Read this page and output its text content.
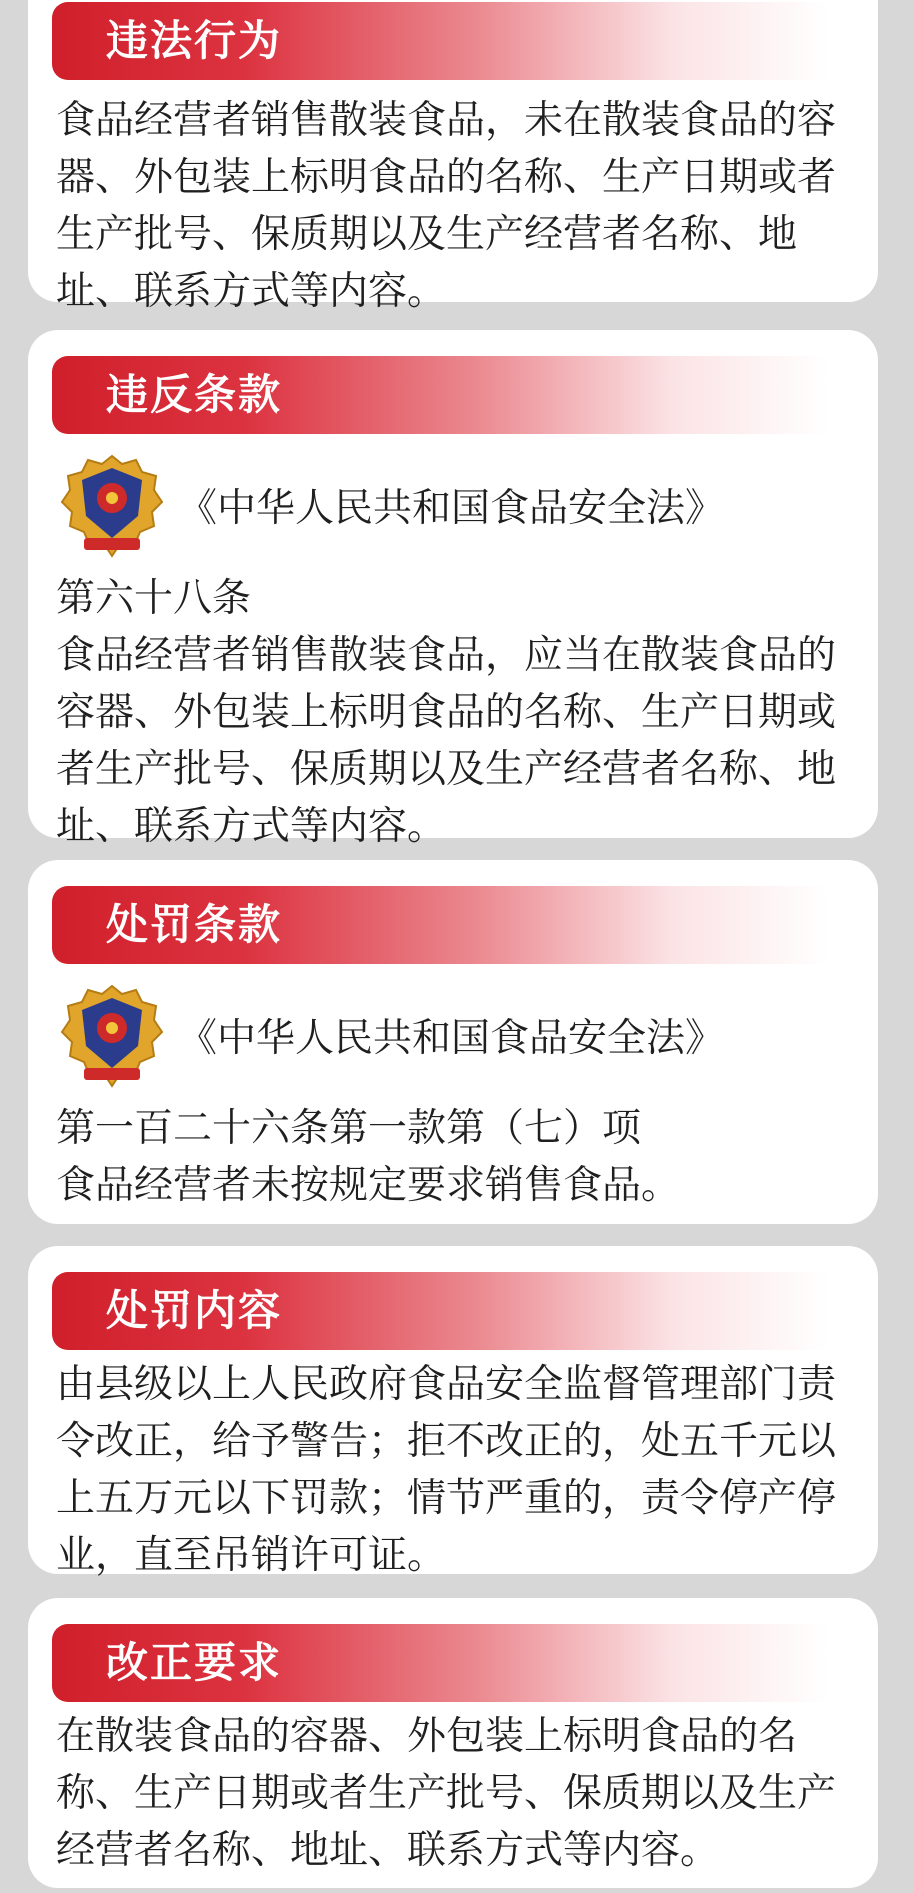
违法行为

食品经营者销售散装食品，未在散装食品的容
器、外包装上标明食品的名称、生产日期或者
生产批号、保质期以及生产经营者名称、地
址、联系方式等内容。

违反条款
《中华人民共和国食品安全法》

第六十八条

食品经营者销售散装食品，应当在散装食品的
容器、外包装上标明食品的名称、生产日期或
者生产批号、保质期以及生产经营者名称、地
址、联系方式等内容。

处罚条款
《中华人民共和国食品安全法》

第一百二十六条第一款第（七）项

食品经营者未按规定要求销售食品。

处罚内容

由县级以上人民政府食品安全监督管理部门责
令改正，给予警告；拒不改正的，处五千元以
上五万元以下罚款；情节严重的，责令停产停
业，直至吊销许可证。

改正要求

在散装食品的容器、外包装上标明食品的名
称、生产日期或者生产批号、保质期以及生产
经营者名称、地址、联系方式等内容。
